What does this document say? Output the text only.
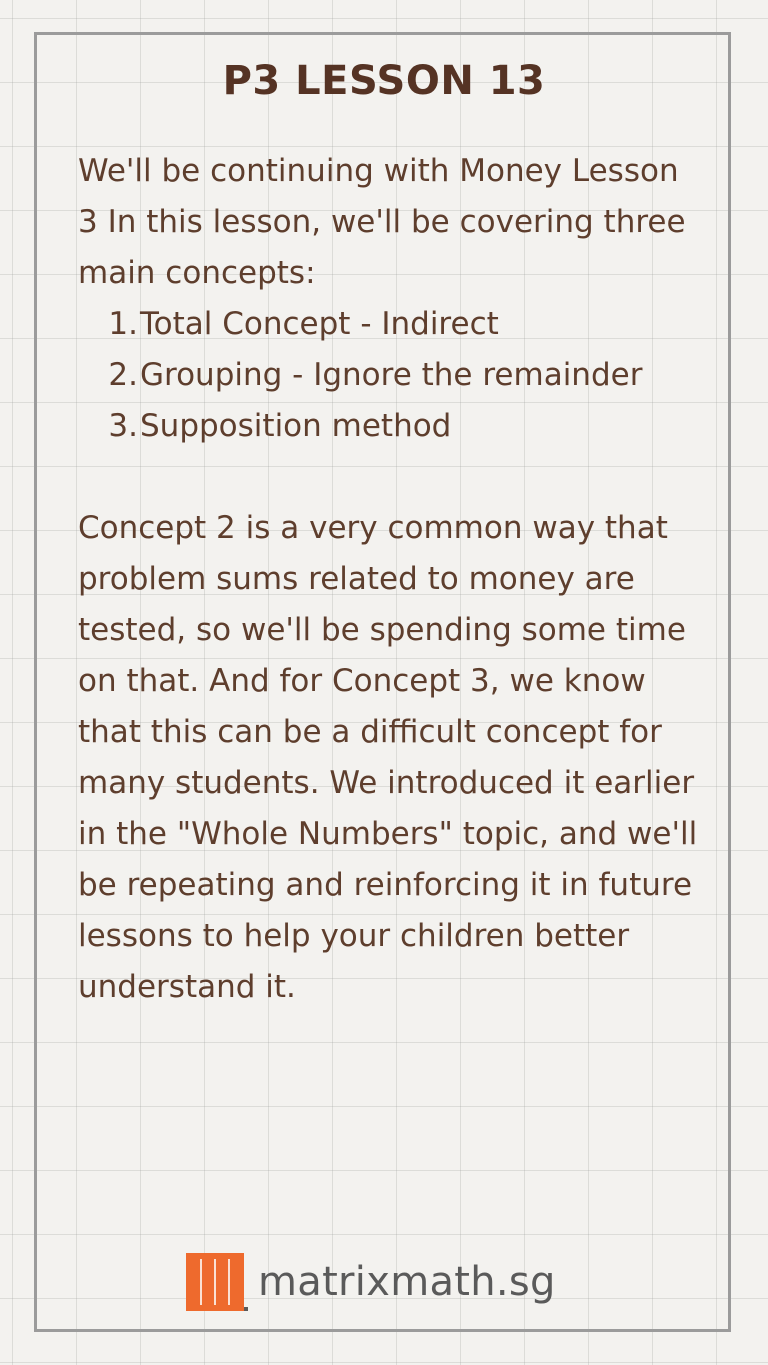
P3 LESSON 13

We'll be continuing with Money Lesson 3 In this lesson, we'll be covering three main concepts:

1. Total Concept - Indirect
2. Grouping - Ignore the remainder
3. Supposition method

Concept 2 is a very common way that problem sums related to money are tested, so we'll be spending some time on that. And for Concept 3, we know that this can be a difficult concept for many students. We introduced it earlier in the "Whole Numbers" topic, and we'll be repeating and reinforcing it in future lessons to help your children better understand it.

matrixmath.sg
